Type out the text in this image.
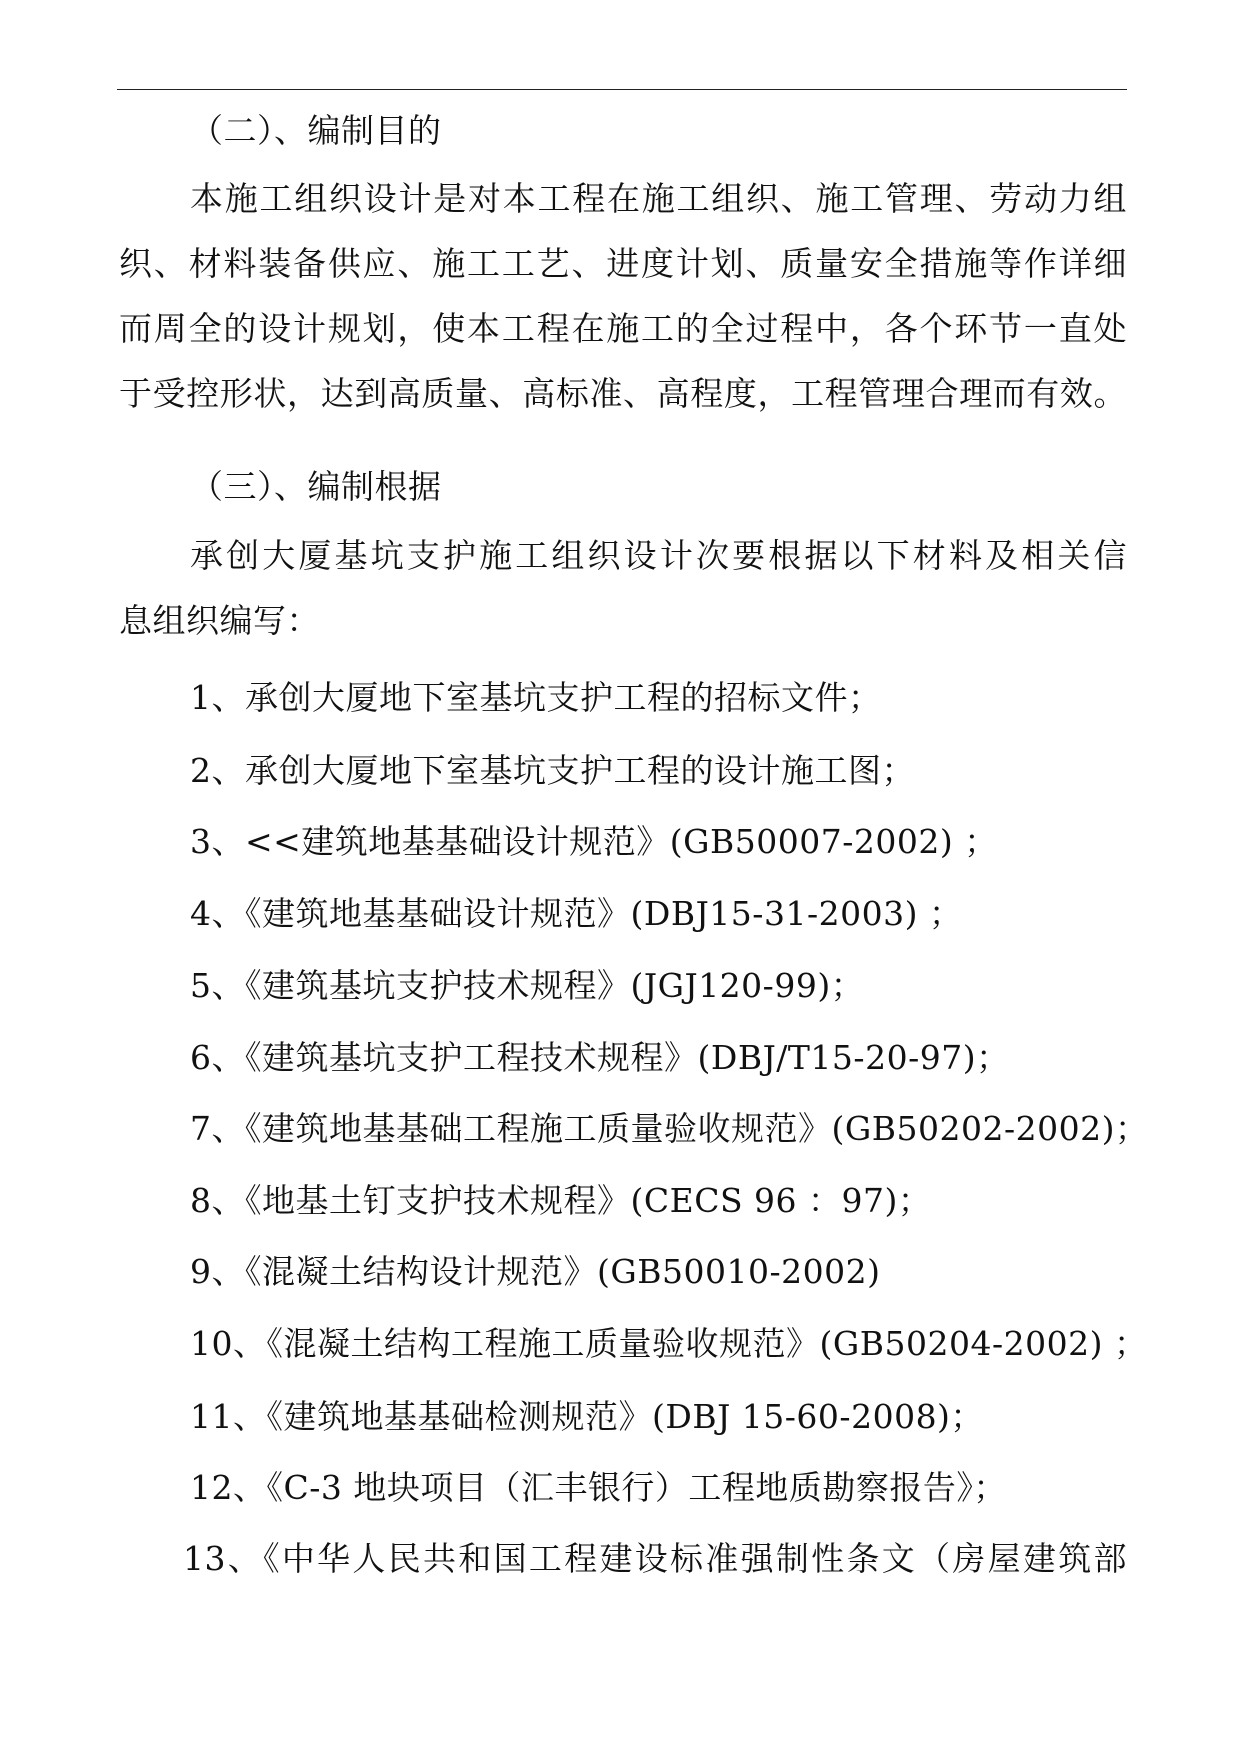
（二）、编制目的
本施工组织设计是对本工程在施工组织、施工管理、劳动力组
织、材料装备供应、施工工艺、进度计划、质量安全措施等作详细
而周全的设计规划，使本工程在施工的全过程中，各个环节一直处
于受控形状，达到高质量、高标准、高程度，工程管理合理而有效。
（三）、编制根据
承创大厦基坑支护施工组织设计次要根据以下材料及相关信
息组织编写：
1、承创大厦地下室基坑支护工程的招标文件；
2、承创大厦地下室基坑支护工程的设计施工图；
3、<<建筑地基基础设计规范》(GB50007-2002) ；
4、《建筑地基基础设计规范》(DBJ15-31-2003) ；
5、《建筑基坑支护技术规程》(JGJ120-99)；
6、《建筑基坑支护工程技术规程》(DBJ/T15-20-97)；
7、《建筑地基基础工程施工质量验收规范》(GB50202-2002)；
8、《地基土钉支护技术规程》(CECS 96 ：97)；
9、《混凝土结构设计规范》(GB50010-2002)
10、《混凝土结构工程施工质量验收规范》(GB50204-2002) ；
11、《建筑地基基础检测规范》(DBJ 15-60-2008)；
12、《C-3 地块项目（汇丰银行）工程地质勘察报告》；
13、《中华人民共和国工程建设标准强制性条文（房屋建筑部
